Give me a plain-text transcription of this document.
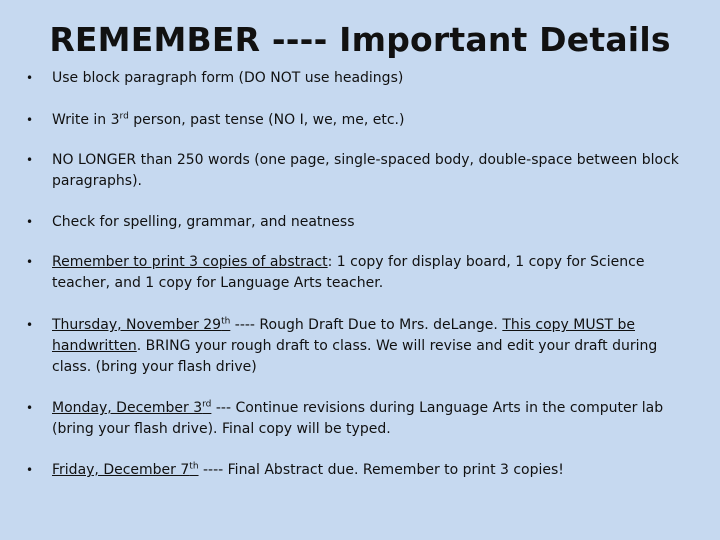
REMEMBER ---- Important Details
•	Use block paragraph form (DO NOT use headings)
•	Write in 3rd person, past tense (NO I, we, me, etc.)
•	NO LONGER than 250 words (one page, single-spaced body, double-space between block paragraphs).
•	Check for spelling, grammar, and neatness
•	Remember to print 3 copies of abstract: 1 copy for display board, 1 copy for Science teacher, and 1 copy for Language Arts teacher.
•	Thursday, November 29th ---- Rough Draft Due to Mrs. deLange. This copy MUST be handwritten. BRING your rough draft to class. We will revise and edit your draft during class. (bring your flash drive)
•	Monday, December 3rd --- Continue revisions during Language Arts in the computer lab (bring your flash drive). Final copy will be typed.
•	Friday, December 7th ---- Final Abstract due. Remember to print 3 copies!
